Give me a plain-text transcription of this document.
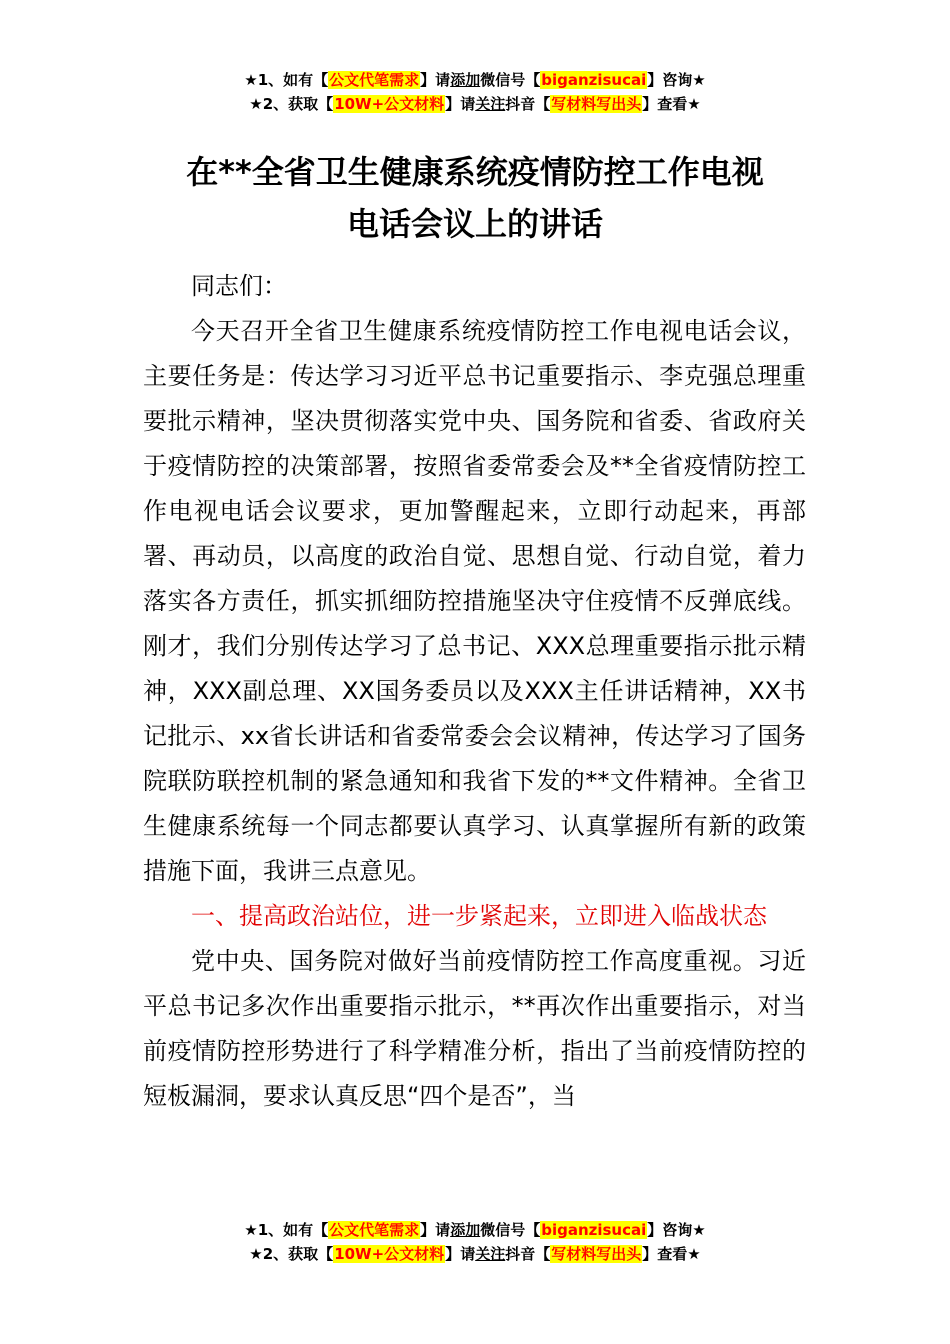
★1、如有【公文代笔需求】请添加微信号【biganzisucai】咨询★
★2、获取【10W+公文材料】请关注抖音【写材料写出头】查看★
在**全省卫生健康系统疫情防控工作电视
电话会议上的讲话

同志们：

今天召开全省卫生健康系统疫情防控工作电视电话会议，主要任务是：传达学习习近平总书记重要指示、李克强总理重要批示精神，坚决贯彻落实党中央、国务院和省委、省政府关于疫情防控的决策部署，按照省委常委会及**全省疫情防控工作电视电话会议要求，更加警醒起来，立即行动起来，再部署、再动员，以高度的政治自觉、思想自觉、行动自觉，着力落实各方责任，抓实抓细防控措施坚决守住疫情不反弹底线。刚才，我们分别传达学习了总书记、XXX总理重要指示批示精神，XXX副总理、XX国务委员以及XXX主任讲话精神，XX书记批示、xx省长讲话和省委常委会会议精神，传达学习了国务院联防联控机制的紧急通知和我省下发的**文件精神。全省卫生健康系统每一个同志都要认真学习、认真掌握所有新的政策措施下面，我讲三点意见。

一、提高政治站位，进一步紧起来，立即进入临战状态

党中央、国务院对做好当前疫情防控工作高度重视。习近平总书记多次作出重要指示批示，**再次作出重要指示，对当前疫情防控形势进行了科学精准分析，指出了当前疫情防控的短板漏洞，要求认真反思“四个是否”，当

★1、如有【公文代笔需求】请添加微信号【biganzisucai】咨询★
★2、获取【10W+公文材料】请关注抖音【写材料写出头】查看★
